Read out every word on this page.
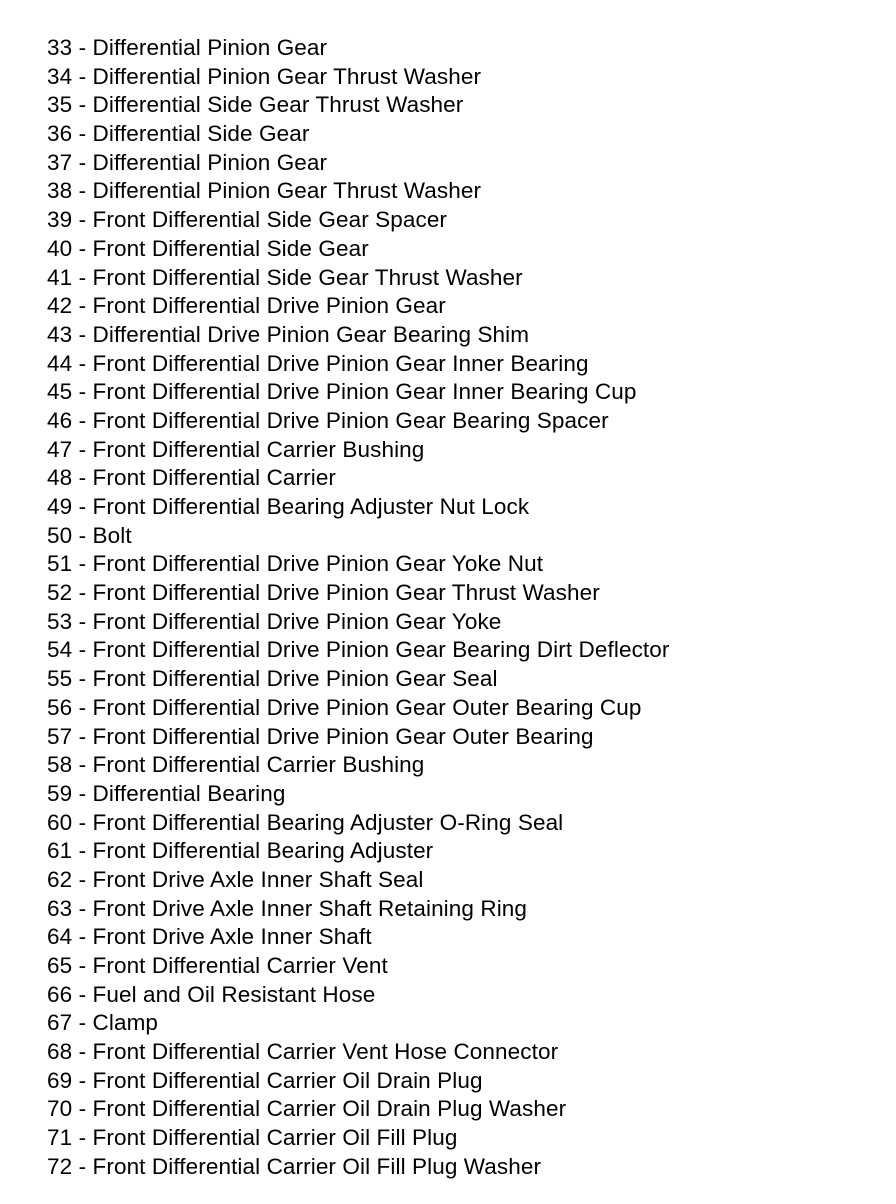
33 - Differential Pinion Gear
34 - Differential Pinion Gear Thrust Washer
35 - Differential Side Gear Thrust Washer
36 - Differential Side Gear
37 - Differential Pinion Gear
38 - Differential Pinion Gear Thrust Washer
39 - Front Differential Side Gear Spacer
40 - Front Differential Side Gear
41 - Front Differential Side Gear Thrust Washer
42 - Front Differential Drive Pinion Gear
43 - Differential Drive Pinion Gear Bearing Shim
44 - Front Differential Drive Pinion Gear Inner Bearing
45 - Front Differential Drive Pinion Gear Inner Bearing Cup
46 - Front Differential Drive Pinion Gear Bearing Spacer
47 - Front Differential Carrier Bushing
48 - Front Differential Carrier
49 - Front Differential Bearing Adjuster Nut Lock
50 - Bolt
51 - Front Differential Drive Pinion Gear Yoke Nut
52 - Front Differential Drive Pinion Gear Thrust Washer
53 - Front Differential Drive Pinion Gear Yoke
54 - Front Differential Drive Pinion Gear Bearing Dirt Deflector
55 - Front Differential Drive Pinion Gear Seal
56 - Front Differential Drive Pinion Gear Outer Bearing Cup
57 - Front Differential Drive Pinion Gear Outer Bearing
58 - Front Differential Carrier Bushing
59 - Differential Bearing
60 - Front Differential Bearing Adjuster O-Ring Seal
61 - Front Differential Bearing Adjuster
62 - Front Drive Axle Inner Shaft Seal
63 - Front Drive Axle Inner Shaft Retaining Ring
64 - Front Drive Axle Inner Shaft
65 - Front Differential Carrier Vent
66 - Fuel and Oil Resistant Hose
67 - Clamp
68 - Front Differential Carrier Vent Hose Connector
69 - Front Differential Carrier Oil Drain Plug
70 - Front Differential Carrier Oil Drain Plug Washer
71 - Front Differential Carrier Oil Fill Plug
72 - Front Differential Carrier Oil Fill Plug Washer
